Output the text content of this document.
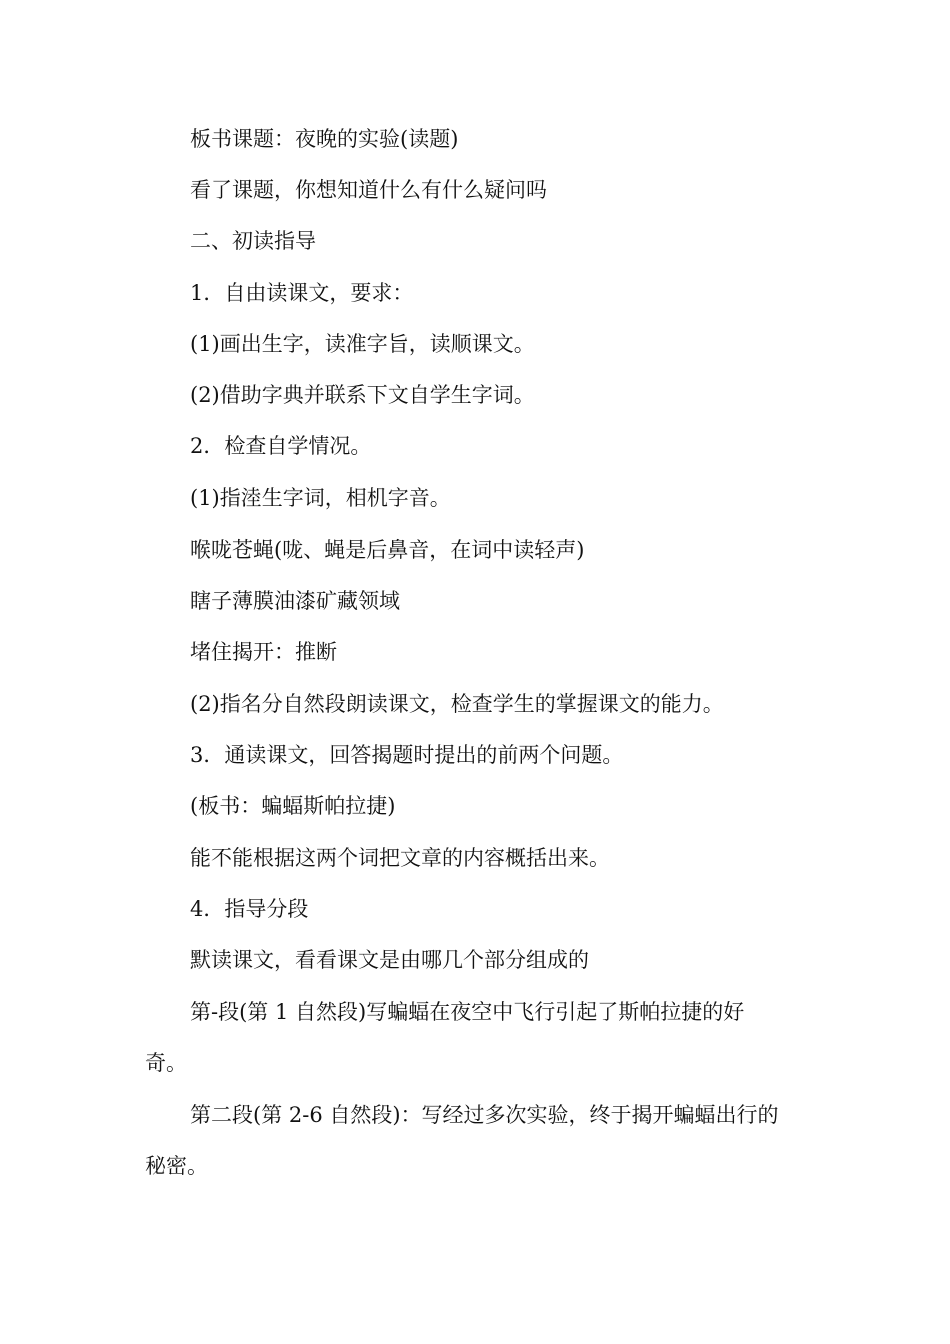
板书课题：夜晚的实验(读题)
看了课题，你想知道什么有什么疑问吗
二、初读指导
1．自由读课文，要求：
(1)画出生字，读准字旨，读顺课文。
(2)借助字典并联系下文自学生字词。
2．检查自学情况。
(1)指淕生字词，相机字音。
喉咙苍蝇(咙、蝇是后鼻音，在词中读轻声)
瞎子薄膜油漆矿藏领域
堵住揭开：推断
(2)指名分自然段朗读课文，检查学生的掌握课文的能力。
3．通读课文，回答揭题时提出的前两个问题。
(板书：蝙蝠斯帕拉捷)
能不能根据这两个词把文章的内容概括出来。
4．指导分段
默读课文，看看课文是由哪几个部分组成的
第-段(第 1 自然段)写蝙蝠在夜空中飞行引起了斯帕拉捷的好
奇。
第二段(第 2-6 自然段)：写经过多次实验，终于揭开蝙蝠出行的
秘密。
